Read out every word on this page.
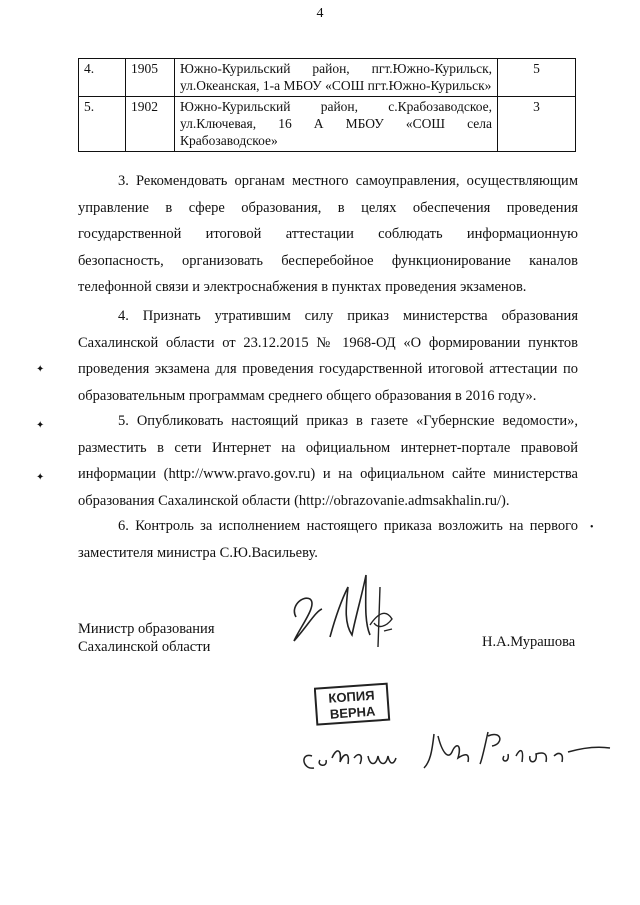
4
4.	1905	Южно-Курильский район, пгт.Южно-Курильск, ул.Океанская, 1-а МБОУ «СОШ пгт.Южно-Курильск»	5
5.	1902	Южно-Курильский район, с.Крабозаводское, ул.Ключевая, 16 А МБОУ «СОШ села Крабозаводское»	3

3. Рекомендовать органам местного самоуправления, осуществляющим управление в сфере образования, в целях обеспечения проведения государственной итоговой аттестации соблюдать информационную безопасность, организовать бесперебойное функционирование каналов телефонной связи и электроснабжения в пунктах проведения экзаменов.

4. Признать утратившим силу приказ министерства образования Сахалинской области от 23.12.2015 № 1968-ОД «О формировании пунктов проведения экзамена для проведения государственной итоговой аттестации по образовательным программам среднего общего образования в 2016 году».

5. Опубликовать настоящий приказ в газете «Губернские ведомости», разместить в сети Интернет на официальном интернет-портале правовой информации (http://www.pravo.gov.ru) и на официальном сайте министерства образования Сахалинской области (http://obrazovanie.admsakhalin.ru/).

6. Контроль за исполнением настоящего приказа возложить на первого заместителя министра С.Ю.Васильеву.

✦
✦
✦
•
Министр образования
Сахалинской области	Н.А.Мурашова
КОПИЯ
ВЕРНА
